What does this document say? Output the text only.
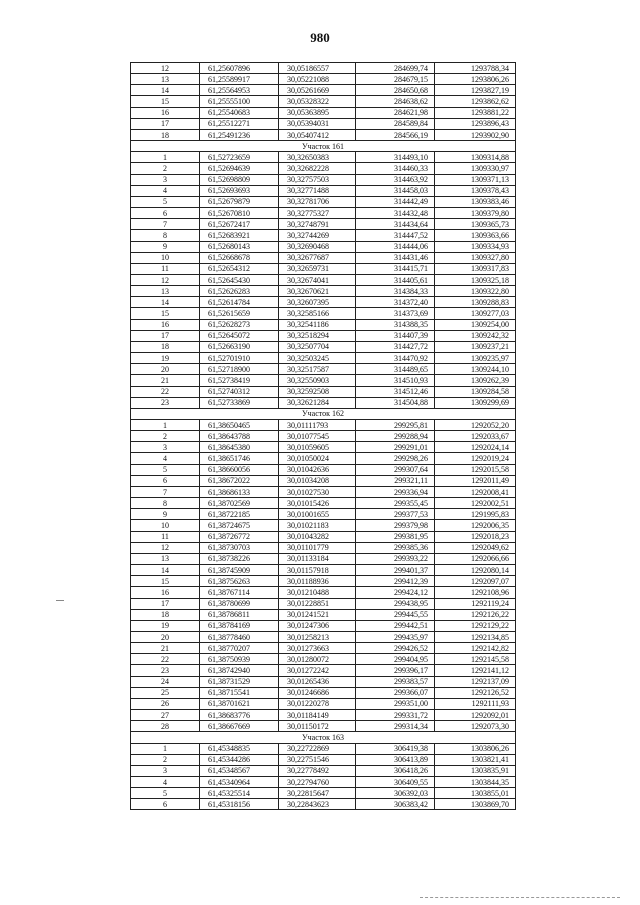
980
12	61,25607896	30,05186557	284699,74	1293788,34
13	61,25589917	30,05221088	284679,15	1293806,26
14	61,25564953	30,05261669	284650,68	1293827,19
15	61,25555100	30,05328322	284638,62	1293862,62
16	61,25540683	30,05363895	284621,98	1293881,22
17	61,25512271	30,05394031	284589,84	1293896,43
18	61,25491236	30,05407412	284566,19	1293902,90
Участок 161				
1	61,52723659	30,32650383	314493,10	1309314,88
2	61,52694639	30,32682228	314460,33	1309330,97
3	61,52698809	30,32757503	314463,92	1309371,13
4	61,52693693	30,32771488	314458,03	1309378,43
5	61,52679879	30,32781706	314442,49	1309383,46
6	61,52670810	30,32775327	314432,48	1309379,80
7	61,52672417	30,32748791	314434,64	1309365,73
8	61,52683921	30,32744269	314447,52	1309363,66
9	61,52680143	30,32690468	314444,06	1309334,93
10	61,52668678	30,32677687	314431,46	1309327,80
11	61,52654312	30,32659731	314415,71	1309317,83
12	61,52645430	30,32674041	314405,61	1309325,18
13	61,52626283	30,32670621	314384,33	1309322,80
14	61,52614784	30,32607395	314372,40	1309288,83
15	61,52615659	30,32585166	314373,69	1309277,03
16	61,52628273	30,32541186	314388,35	1309254,00
17	61,52645072	30,32518294	314407,39	1309242,32
18	61,52663190	30,32507704	314427,72	1309237,21
19	61,52701910	30,32503245	314470,92	1309235,97
20	61,52718900	30,32517587	314489,65	1309244,10
21	61,52738419	30,32550903	314510,93	1309262,39
22	61,52740312	30,32592508	314512,46	1309284,58
23	61,52733869	30,32621284	314504,88	1309299,69
Участок 162				
1	61,38650465	30,01111793	299295,81	1292052,20
2	61,38643788	30,01077545	299288,94	1292033,67
3	61,38645380	30,01059605	299291,01	1292024,14
4	61,38651746	30,01050024	299298,26	1292019,24
5	61,38660056	30,01042636	299307,64	1292015,58
6	61,38672022	30,01034208	299321,11	1292011,49
7	61,38686133	30,01027530	299336,94	1292008,41
8	61,38702569	30,01015426	299355,45	1292002,51
9	61,38722185	30,01001655	299377,53	1291995,83
10	61,38724675	30,01021183	299379,98	1292006,35
11	61,38726772	30,01043282	299381,95	1292018,23
12	61,38730703	30,01101779	299385,36	1292049,62
13	61,38738226	30,01133184	299393,22	1292066,66
14	61,38745909	30,01157918	299401,37	1292080,14
15	61,38756263	30,01188936	299412,39	1292097,07
16	61,38767114	30,01210488	299424,12	1292108,96
17	61,38780699	30,01228851	299438,95	1292119,24
18	61,38786811	30,01241521	299445,55	1292126,22
19	61,38784169	30,01247306	299442,51	1292129,22
20	61,38778460	30,01258213	299435,97	1292134,85
21	61,38770207	30,01273663	299426,52	1292142,82
22	61,38750939	30,01280072	299404,95	1292145,58
23	61,38742940	30,01272242	299396,17	1292141,12
24	61,38731529	30,01265436	299383,57	1292137,09
25	61,38715541	30,01246686	299366,07	1292126,52
26	61,38701621	30,01220278	299351,00	1292111,93
27	61,38683776	30,01184149	299331,72	1292092,01
28	61,38667669	30,01150172	299314,34	1292073,30
Участок 163				
1	61,45348835	30,22722869	306419,38	1303806,26
2	61,45344286	30,22751546	306413,89	1303821,41
3	61,45348567	30,22778492	306418,26	1303835,91
4	61,45340964	30,22794760	306409,55	1303844,35
5	61,45325514	30,22815647	306392,03	1303855,01
6	61,45318156	30,22843623	306383,42	1303869,70
